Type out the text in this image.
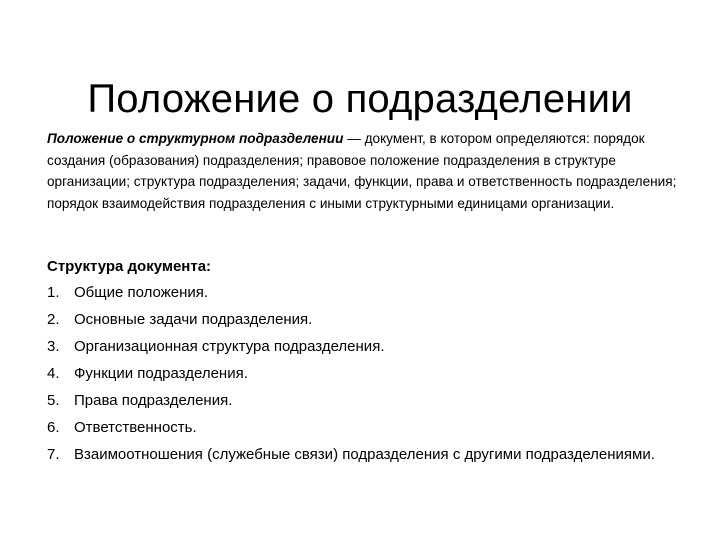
Положение о подразделении

Положение о структурном подразделении — документ, в котором определяются: порядок создания (образования) подразделения; правовое положение подразделения в структуре организации; структура подразделения; задачи, функции, права и ответственность подразделения; порядок взаимодействия подразделения с иными структурными единицами организации.

Структура документа:
1. Общие положения.
2. Основные задачи подразделения.
3. Организационная структура подразделения.
4. Функции подразделения.
5. Права подразделения.
6. Ответственность.
7. Взаимоотношения (служебные связи) подразделения с другими подразделениями.
